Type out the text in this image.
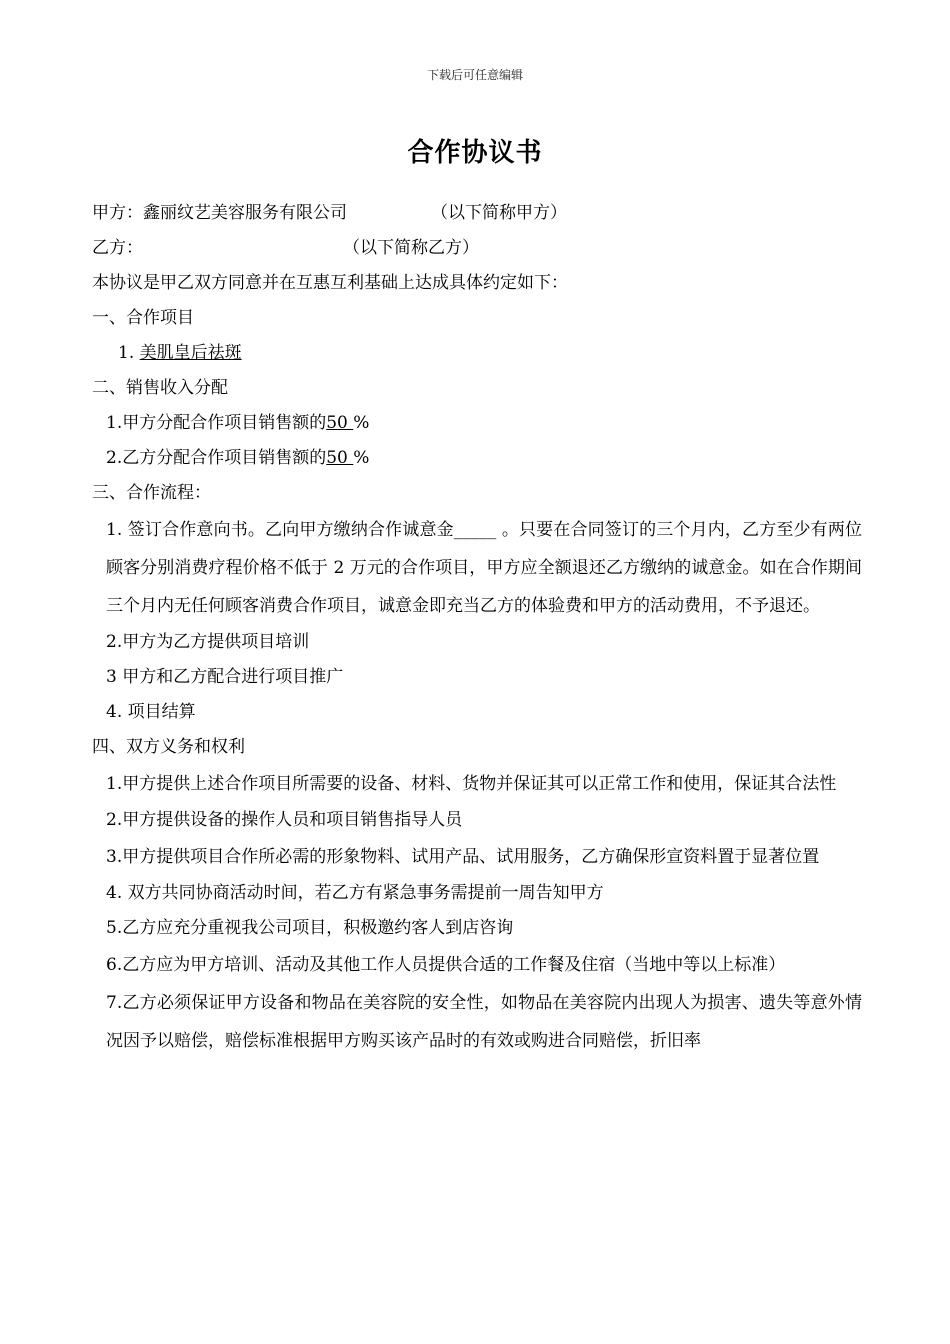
下载后可任意编辑
合作协议书

甲方：鑫丽纹艺美容服务有限公司	（以下简称甲方）

乙方：	（以下简称乙方）

本协议是甲乙双方同意并在互惠互利基础上达成具体约定如下：

一、合作项目

1. 美肌皇后祛斑

二、销售收入分配

1.甲方分配合作项目销售额的50 %

2.乙方分配合作项目销售额的50 %

三、合作流程：

1. 签订合作意向书。乙向甲方缴纳合作诚意金_____ 。只要在合同签订的三个月内，乙方至少有两位顾客分别消费疗程价格不低于 2 万元的合作项目，甲方应全额退还乙方缴纳的诚意金。如在合作期间三个月内无任何顾客消费合作项目，诚意金即充当乙方的体验费和甲方的活动费用，不予退还。

2.甲方为乙方提供项目培训

3 甲方和乙方配合进行项目推广

4. 项目结算

四、双方义务和权利

1.甲方提供上述合作项目所需要的设备、材料、货物并保证其可以正常工作和使用，保证其合法性

2.甲方提供设备的操作人员和项目销售指导人员

3.甲方提供项目合作所必需的形象物料、试用产品、试用服务，乙方确保形宣资料置于显著位置

4. 双方共同协商活动时间，若乙方有紧急事务需提前一周告知甲方

5.乙方应充分重视我公司项目，积极邀约客人到店咨询

6.乙方应为甲方培训、活动及其他工作人员提供合适的工作餐及住宿（当地中等以上标准）

7.乙方必须保证甲方设备和物品在美容院的安全性，如物品在美容院内出现人为损害、遗失等意外情况因予以赔偿，赔偿标准根据甲方购买该产品时的有效或购进合同赔偿，折旧率
